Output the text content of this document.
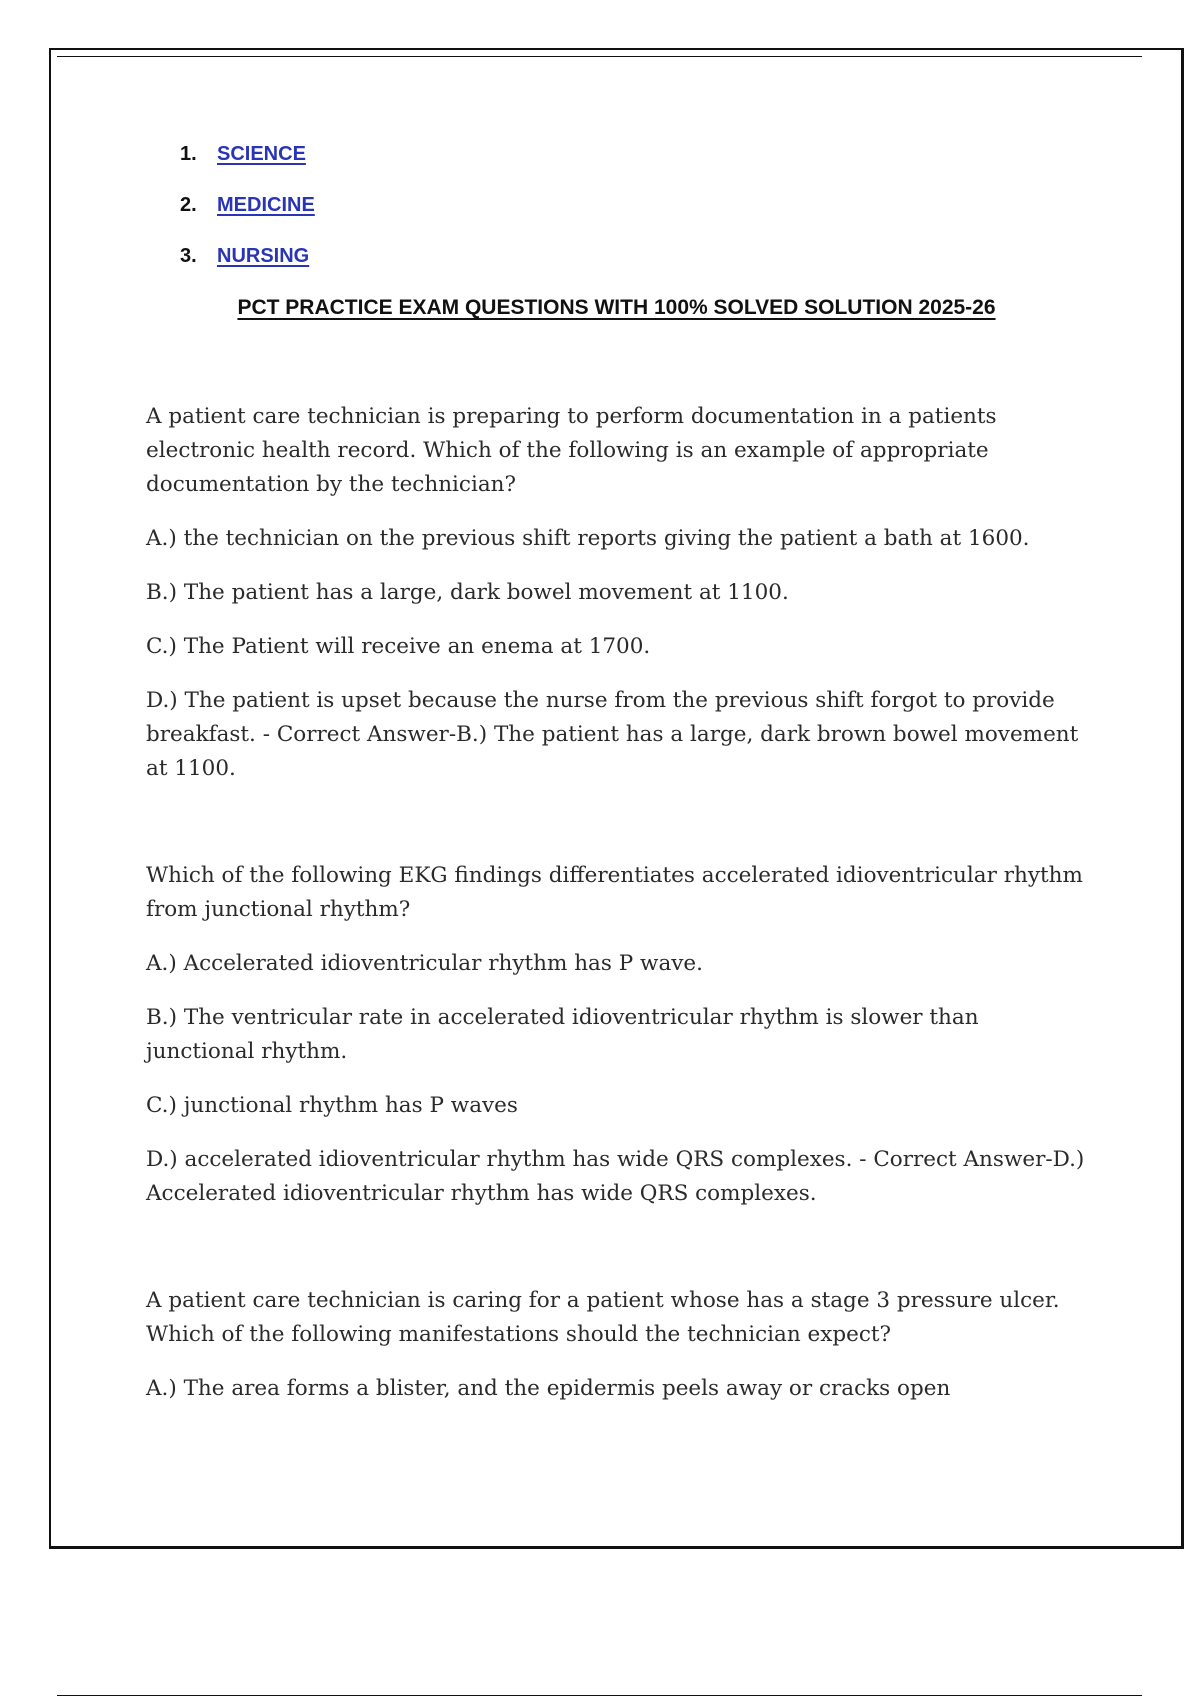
1. SCIENCE
2. MEDICINE
3. NURSING
PCT PRACTICE EXAM QUESTIONS WITH 100% SOLVED SOLUTION 2025-26

A patient care technician is preparing to perform documentation in a patients electronic health record. Which of the following is an example of appropriate documentation by the technician?

A.) the technician on the previous shift reports giving the patient a bath at 1600.

B.) The patient has a large, dark bowel movement at 1100.

C.) The Patient will receive an enema at 1700.

D.) The patient is upset because the nurse from the previous shift forgot to provide breakfast. - Correct Answer-B.) The patient has a large, dark brown bowel movement at 1100.

Which of the following EKG findings differentiates accelerated idioventricular rhythm from junctional rhythm?

A.) Accelerated idioventricular rhythm has P wave.

B.) The ventricular rate in accelerated idioventricular rhythm is slower than junctional rhythm.

C.) junctional rhythm has P waves

D.) accelerated idioventricular rhythm has wide QRS complexes. - Correct Answer-D.) Accelerated idioventricular rhythm has wide QRS complexes.

A patient care technician is caring for a patient whose has a stage 3 pressure ulcer. Which of the following manifestations should the technician expect?

A.) The area forms a blister, and the epidermis peels away or cracks open
